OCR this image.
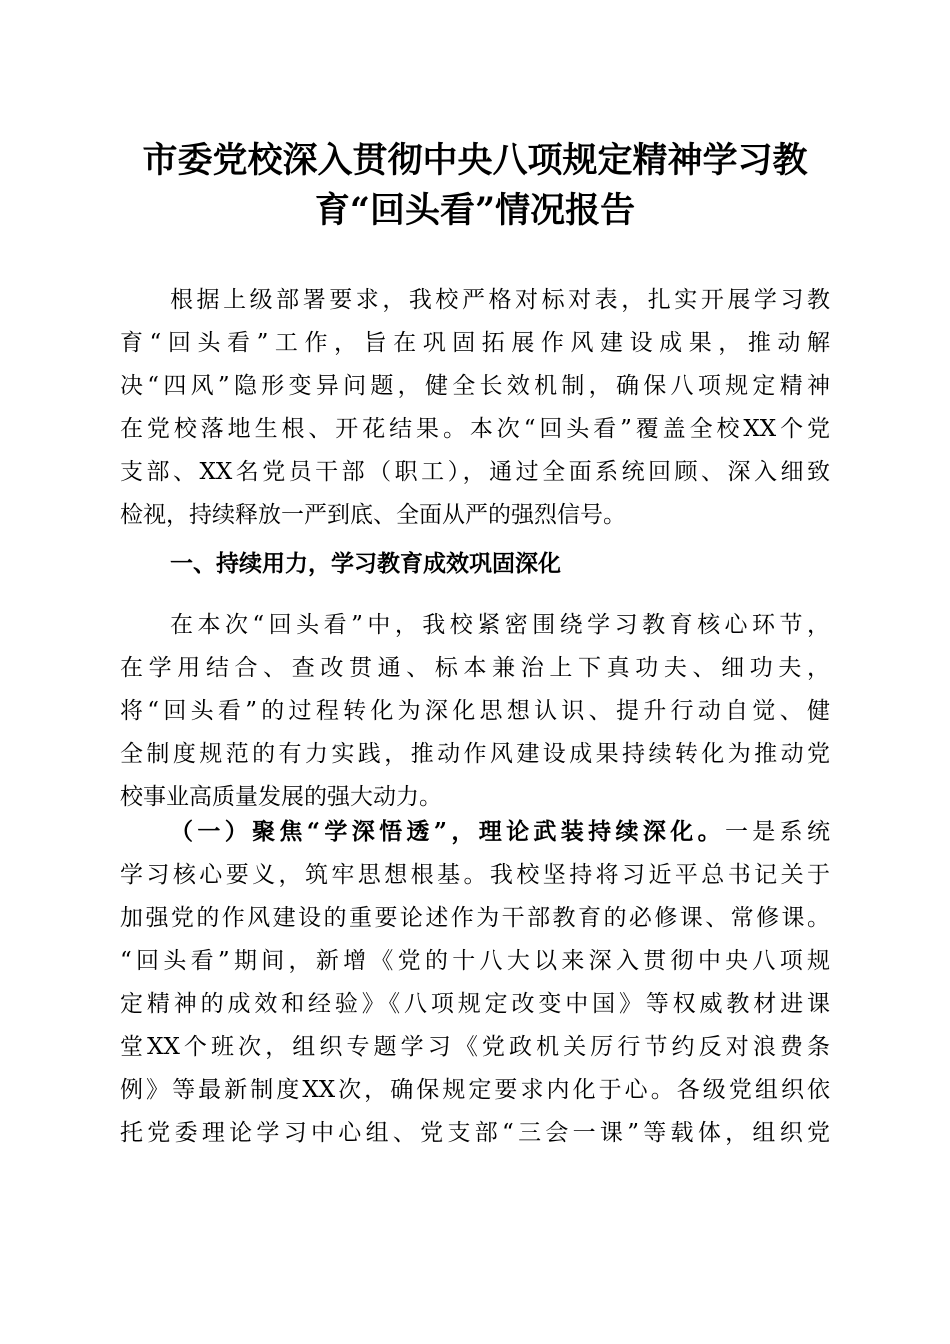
市委党校深入贯彻中央八项规定精神学习教
育“回头看”情况报告

根据上级部署要求，我校严格对标对表，扎实开展学习教

育“回头看”工作，旨在巩固拓展作风建设成果，推动解

决“四风”隐形变异问题，健全长效机制，确保八项规定精神

在党校落地生根、开花结果。本次“回头看”覆盖全校XX个党

支部、XX名党员干部（职工），通过全面系统回顾、深入细致

检视，持续释放一严到底、全面从严的强烈信号。

一、持续用力，学习教育成效巩固深化

在本次“回头看”中，我校紧密围绕学习教育核心环节，

在学用结合、查改贯通、标本兼治上下真功夫、细功夫，

将“回头看”的过程转化为深化思想认识、提升行动自觉、健

全制度规范的有力实践，推动作风建设成果持续转化为推动党

校事业高质量发展的强大动力。

（一）聚焦“学深悟透”，理论武装持续深化。一是系统

学习核心要义，筑牢思想根基。我校坚持将习近平总书记关于

加强党的作风建设的重要论述作为干部教育的必修课、常修课。

“回头看”期间，新增《党的十八大以来深入贯彻中央八项规

定精神的成效和经验》《八项规定改变中国》等权威教材进课

堂XX个班次，组织专题学习《党政机关厉行节约反对浪费条

例》等最新制度XX次，确保规定要求内化于心。各级党组织依

托党委理论学习中心组、党支部“三会一课”等载体，组织党
